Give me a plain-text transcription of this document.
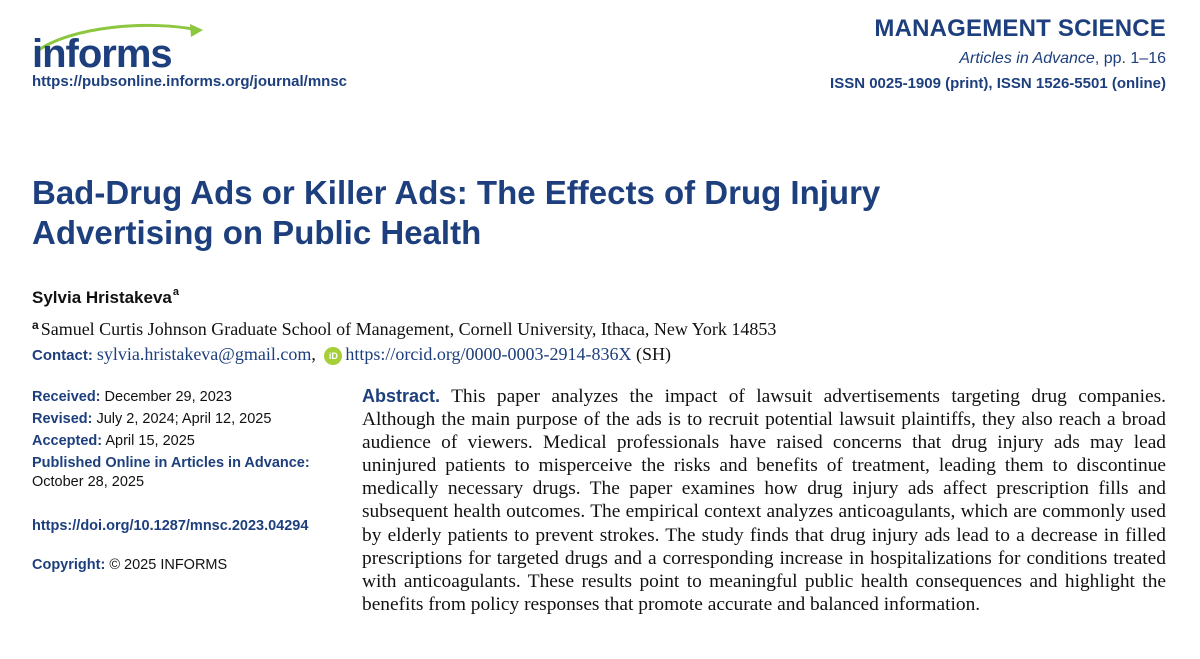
informs
https://pubsonline.informs.org/journal/mnsc
MANAGEMENT SCIENCE
Articles in Advance, pp. 1–16
ISSN 0025-1909 (print), ISSN 1526-5501 (online)
Bad-Drug Ads or Killer Ads: The Effects of Drug Injury
Advertising on Public Health
Sylvia Hristakeva$^a$
$^a$ Samuel Curtis Johnson Graduate School of Management, Cornell University, Ithaca, New York 14853
Contact: sylvia.hristakeva@gmail.com, iD https://orcid.org/0000-0003-2914-836X (SH)
Received: December 29, 2023
Revised: July 2, 2024; April 12, 2025
Accepted: April 15, 2025
Published Online in Articles in Advance:
October 28, 2025
https://doi.org/10.1287/mnsc.2023.04294
Copyright: © 2025 INFORMS
Abstract. This paper analyzes the impact of lawsuit advertisements targeting drug companies. Although the main purpose of the ads is to recruit potential lawsuit plaintiffs, they also reach a broad audience of viewers. Medical professionals have raised concerns that drug injury ads may lead uninjured patients to misperceive the risks and benefits of treatment, leading them to discontinue medically necessary drugs. The paper examines how drug injury ads affect prescription fills and subsequent health outcomes. The empirical context analyzes anticoagulants, which are commonly used by elderly patients to prevent strokes. The study finds that drug injury ads lead to a decrease in filled prescriptions for targeted drugs and a corresponding increase in hospitalizations for conditions treated with anticoagulants. These results point to meaningful public health consequences and highlight the benefits from policy responses that promote accurate and balanced information.
